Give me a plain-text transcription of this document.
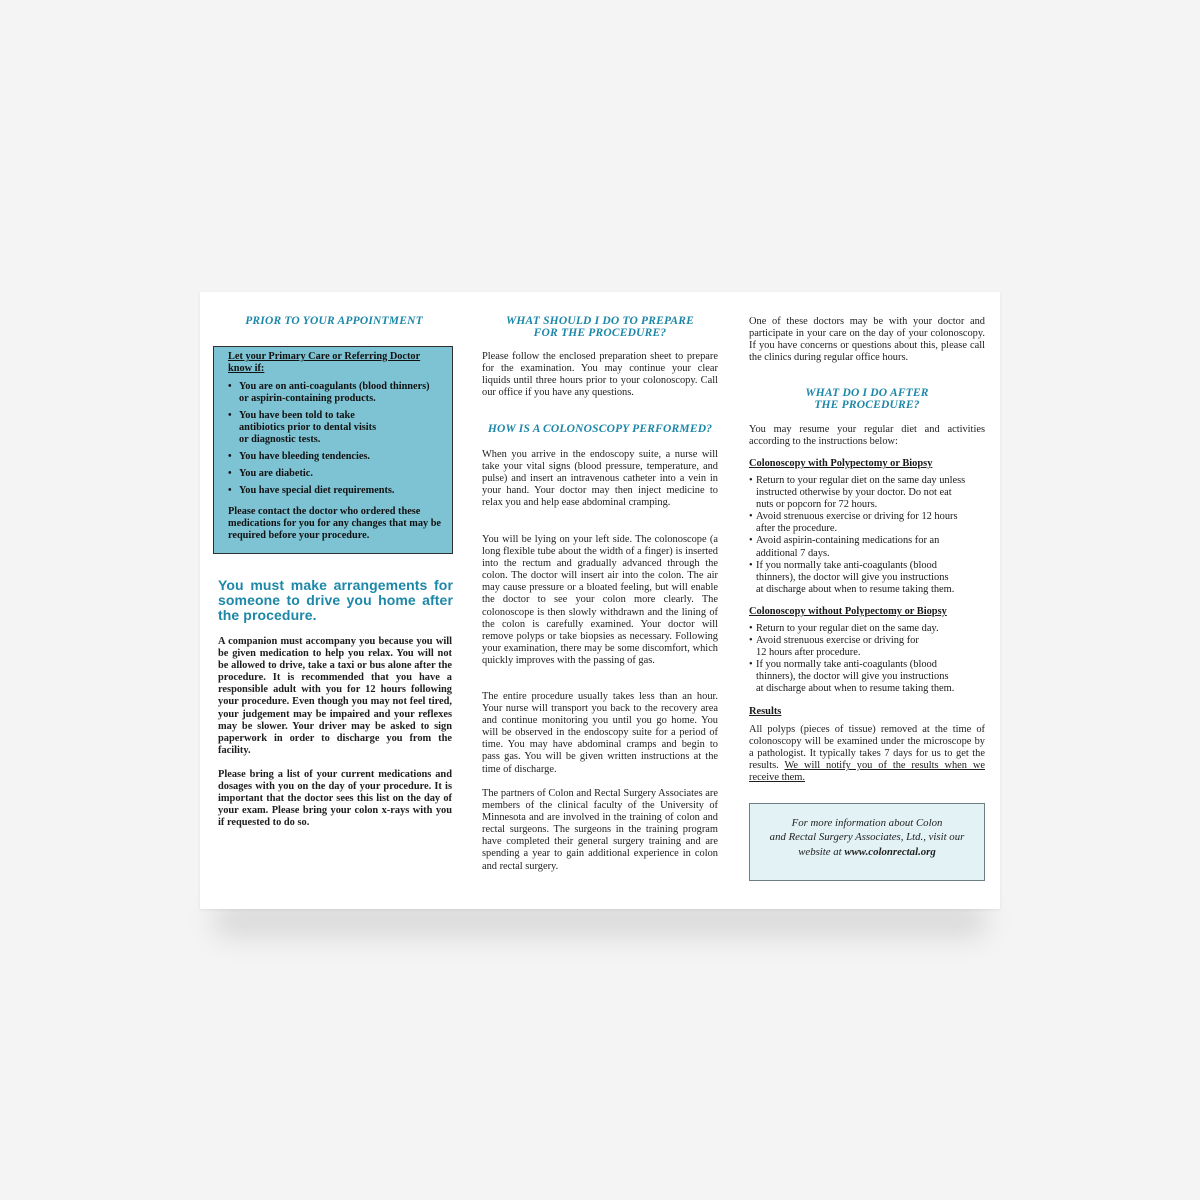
PRIOR TO YOUR APPOINTMENT

Let your Primary Care or Referring Doctor know if:

• You are on anti-coagulants (blood thinners)
or aspirin-containing products.
• You have been told to take
antibiotics prior to dental visits
or diagnostic tests.
• You have bleeding tendencies.
• You are diabetic.
• You have special diet requirements.

Please contact the doctor who ordered these medications for you for any changes that may be required before your procedure.

You must make arrangements for someone to drive you home after the procedure.

A companion must accompany you because you will be given medication to help you relax. You will not be allowed to drive, take a taxi or bus alone after the procedure. It is recommended that you have a responsible adult with you for 12 hours following your procedure. Even though you may not feel tired, your judgement may be impaired and your reflexes may be slower. Your driver may be asked to sign paperwork in order to discharge you from the facility.

Please bring a list of your current medications and dosages with you on the day of your procedure. It is important that the doctor sees this list on the day of your exam. Please bring your colon x-rays with you if requested to do so.

WHAT SHOULD I DO TO PREPARE
FOR THE PROCEDURE?

Please follow the enclosed preparation sheet to prepare for the examination. You may continue your clear liquids until three hours prior to your colonoscopy. Call our office if you have any questions.

HOW IS A COLONOSCOPY PERFORMED?

When you arrive in the endoscopy suite, a nurse will take your vital signs (blood pressure, temperature, and pulse) and insert an intravenous catheter into a vein in your hand. Your doctor may then inject medicine to relax you and help ease abdominal cramping.

You will be lying on your left side. The colonoscope (a long flexible tube about the width of a finger) is inserted into the rectum and gradually advanced through the colon. The doctor will insert air into the colon. The air may cause pressure or a bloated feeling, but will enable the doctor to see your colon more clearly. The colonoscope is then slowly withdrawn and the lining of the colon is carefully examined. Your doctor will remove polyps or take biopsies as necessary. Following your examination, there may be some discomfort, which quickly improves with the passing of gas.

The entire procedure usually takes less than an hour. Your nurse will transport you back to the recovery area and continue monitoring you until you go home. You will be observed in the endoscopy suite for a period of time. You may have abdominal cramps and begin to pass gas. You will be given written instructions at the time of discharge.

The partners of Colon and Rectal Surgery Associates are members of the clinical faculty of the University of Minnesota and are involved in the training of colon and rectal surgeons. The surgeons in the training program have completed their general surgery training and are spending a year to gain additional experience in colon and rectal surgery.

One of these doctors may be with your doctor and participate in your care on the day of your colonoscopy. If you have concerns or questions about this, please call the clinics during regular office hours.

WHAT DO I DO AFTER
THE PROCEDURE?

You may resume your regular diet and activities according to the instructions below:

Colonoscopy with Polypectomy or Biopsy

• Return to your regular diet on the same day unless
instructed otherwise by your doctor. Do not eat
nuts or popcorn for 72 hours.
• Avoid strenuous exercise or driving for 12 hours
after the procedure.
• Avoid aspirin-containing medications for an
additional 7 days.
• If you normally take anti-coagulants (blood
thinners), the doctor will give you instructions
at discharge about when to resume taking them.

Colonoscopy without Polypectomy or Biopsy

• Return to your regular diet on the same day.
• Avoid strenuous exercise or driving for
12 hours after procedure.
• If you normally take anti-coagulants (blood
thinners), the doctor will give you instructions
at discharge about when to resume taking them.

Results

All polyps (pieces of tissue) removed at the time of colonoscopy will be examined under the microscope by a pathologist. It typically takes 7 days for us to get the results. We will notify you of the results when we receive them.

For more information about Colon
and Rectal Surgery Associates, Ltd., visit our
website at www.colonrectal.org
